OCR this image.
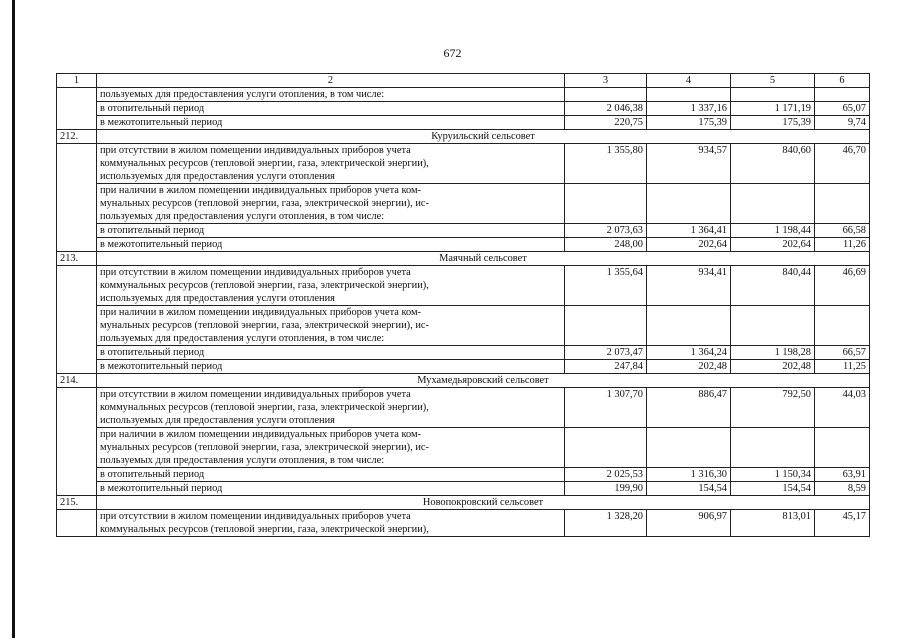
672
1	2	3	4	5	6
	пользуемых для предоставления услуги отопления, в том числе:				
	в отопительный период	2 046,38	1 337,16	1 171,19	65,07
	в межотопительный период	220,75	175,39	175,39	9,74
212.	Куруильский сельсовет				

	при отсутствии в жилом помещении индивидуальных приборов учета
коммунальных ресурсов (тепловой энергии, газа, электрической энергии),
используемых для предоставления услуги отопления	1 355,80	934,57	840,60	46,70

	при наличии в жилом помещении индивидуальных приборов учета ком-
мунальных ресурсов (тепловой энергии, газа, электрической энергии), ис-
пользуемых для предоставления услуги отопления, в том числе:				

	в отопительный период	2 073,63	1 364,41	1 198,44	66,58
	в межотопительный период	248,00	202,64	202,64	11,26
213.	Маячный сельсовет				

	при отсутствии в жилом помещении индивидуальных приборов учета
коммунальных ресурсов (тепловой энергии, газа, электрической энергии),
используемых для предоставления услуги отопления	1 355,64	934,41	840,44	46,69

	при наличии в жилом помещении индивидуальных приборов учета ком-
мунальных ресурсов (тепловой энергии, газа, электрической энергии), ис-
пользуемых для предоставления услуги отопления, в том числе:				

	в отопительный период	2 073,47	1 364,24	1 198,28	66,57
	в межотопительный период	247,84	202,48	202,48	11,25
214.	Мухамедьяровский сельсовет				

	при отсутствии в жилом помещении индивидуальных приборов учета
коммунальных ресурсов (тепловой энергии, газа, электрической энергии),
используемых для предоставления услуги отопления	1 307,70	886,47	792,50	44,03

	при наличии в жилом помещении индивидуальных приборов учета ком-
мунальных ресурсов (тепловой энергии, газа, электрической энергии), ис-
пользуемых для предоставления услуги отопления, в том числе:				

	в отопительный период	2 025,53	1 316,30	1 150,34	63,91
	в межотопительный период	199,90	154,54	154,54	8,59
215.	Новопокровский сельсовет				

	при отсутствии в жилом помещении индивидуальных приборов учета
коммунальных ресурсов (тепловой энергии, газа, электрической энергии),	1 328,20	906,97	813,01	45,17
